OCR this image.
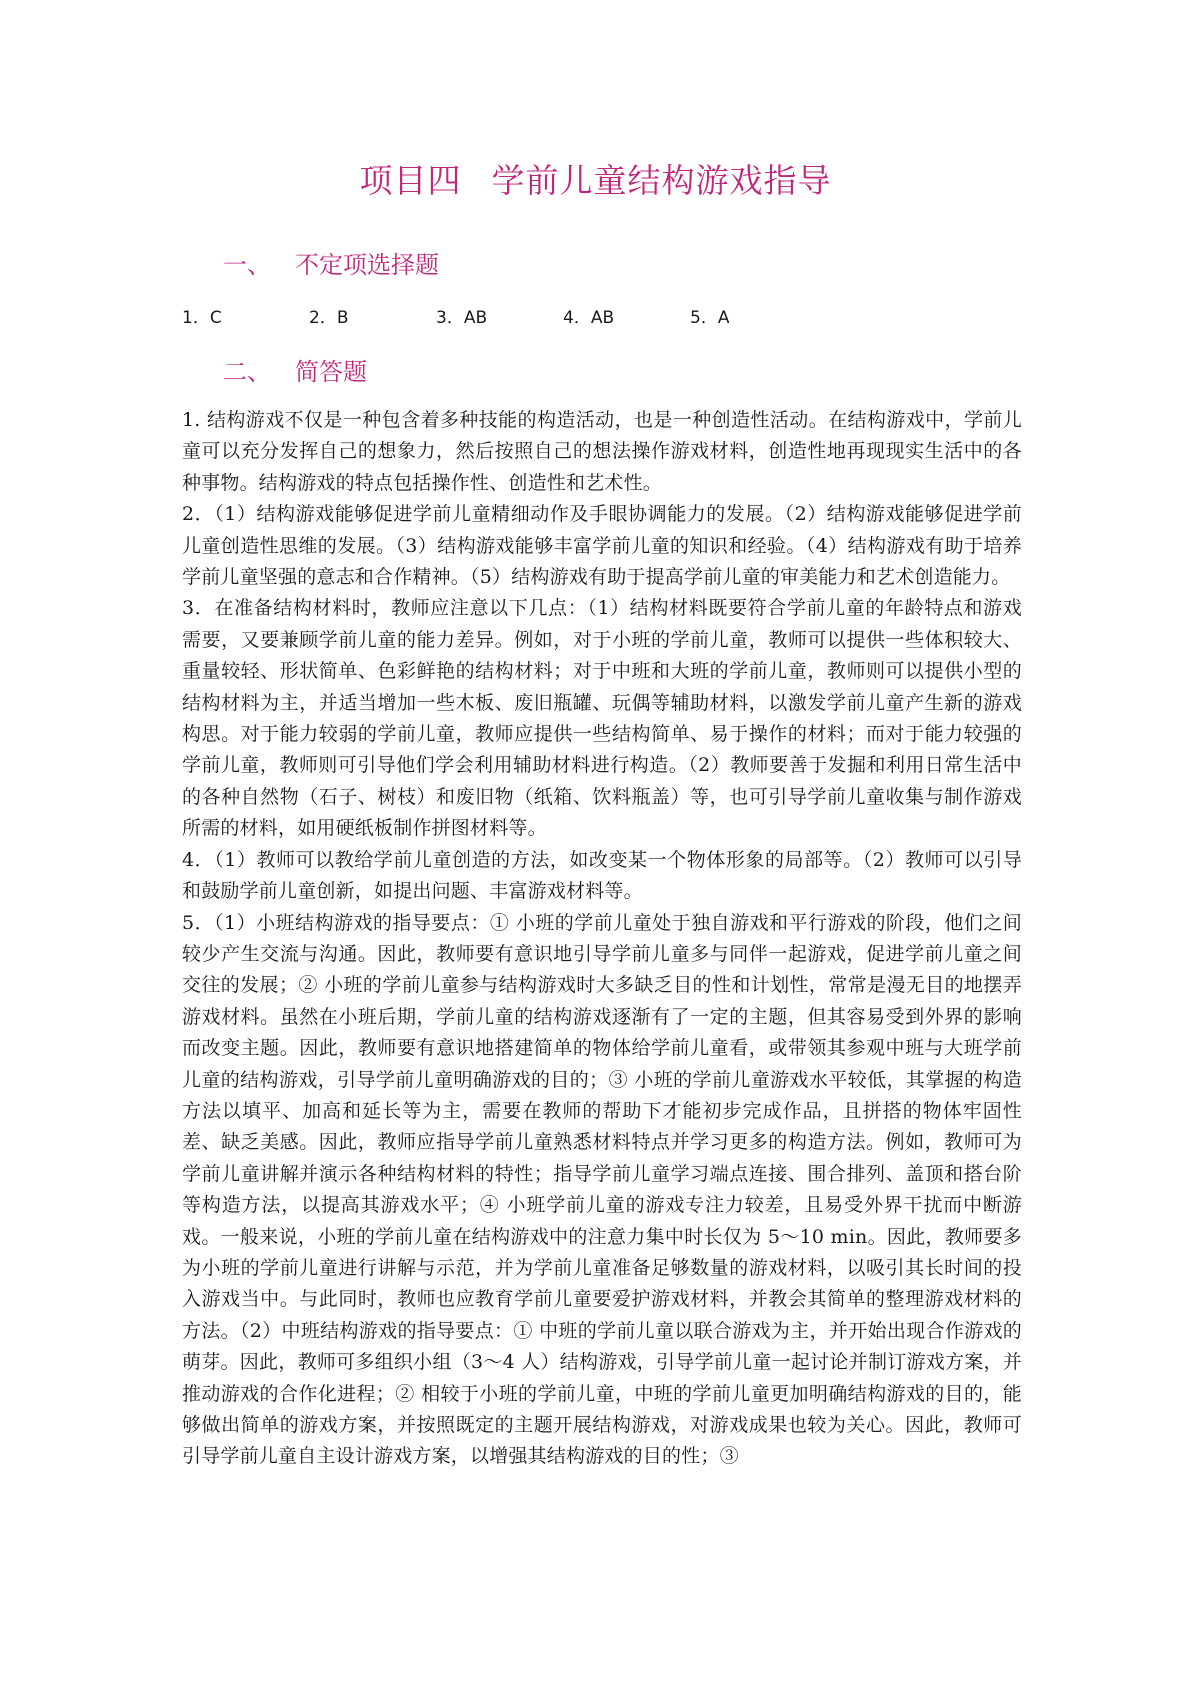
项目四 学前儿童结构游戏指导
一、 不定项选择题
1．C	2．B	3．AB	4．AB	5．A
二、 简答题

1. 结构游戏不仅是一种包含着多种技能的构造活动，也是一种创造性活动。在结构游戏中，学前儿童可以充分发挥自己的想象力，然后按照自己的想法操作游戏材料，创造性地再现现实生活中的各种事物。结构游戏的特点包括操作性、创造性和艺术性。

2．（1）结构游戏能够促进学前儿童精细动作及手眼协调能力的发展。（2）结构游戏能够促进学前儿童创造性思维的发展。（3）结构游戏能够丰富学前儿童的知识和经验。（4）结构游戏有助于培养学前儿童坚强的意志和合作精神。（5）结构游戏有助于提高学前儿童的审美能力和艺术创造能力。

3．在准备结构材料时，教师应注意以下几点：（1）结构材料既要符合学前儿童的年龄特点和游戏需要，又要兼顾学前儿童的能力差异。例如，对于小班的学前儿童，教师可以提供一些体积较大、重量较轻、形状简单、色彩鲜艳的结构材料；对于中班和大班的学前儿童，教师则可以提供小型的结构材料为主，并适当增加一些木板、废旧瓶罐、玩偶等辅助材料，以激发学前儿童产生新的游戏构思。对于能力较弱的学前儿童，教师应提供一些结构简单、易于操作的材料；而对于能力较强的学前儿童，教师则可引导他们学会利用辅助材料进行构造。（2）教师要善于发掘和利用日常生活中的各种自然物（石子、树枝）和废旧物（纸箱、饮料瓶盖）等，也可引导学前儿童收集与制作游戏所需的材料，如用硬纸板制作拼图材料等。

4．（1）教师可以教给学前儿童创造的方法，如改变某一个物体形象的局部等。（2）教师可以引导和鼓励学前儿童创新，如提出问题、丰富游戏材料等。

5．（1）小班结构游戏的指导要点：① 小班的学前儿童处于独自游戏和平行游戏的阶段，他们之间较少产生交流与沟通。因此，教师要有意识地引导学前儿童多与同伴一起游戏，促进学前儿童之间交往的发展；② 小班的学前儿童参与结构游戏时大多缺乏目的性和计划性，常常是漫无目的地摆弄游戏材料。虽然在小班后期，学前儿童的结构游戏逐渐有了一定的主题，但其容易受到外界的影响而改变主题。因此，教师要有意识地搭建简单的物体给学前儿童看，或带领其参观中班与大班学前儿童的结构游戏，引导学前儿童明确游戏的目的；③ 小班的学前儿童游戏水平较低，其掌握的构造方法以填平、加高和延长等为主，需要在教师的帮助下才能初步完成作品，且拼搭的物体牢固性差、缺乏美感。因此，教师应指导学前儿童熟悉材料特点并学习更多的构造方法。例如，教师可为学前儿童讲解并演示各种结构材料的特性；指导学前儿童学习端点连接、围合排列、盖顶和搭台阶等构造方法，以提高其游戏水平；④ 小班学前儿童的游戏专注力较差，且易受外界干扰而中断游戏。一般来说，小班的学前儿童在结构游戏中的注意力集中时长仅为 5～10 min。因此，教师要多为小班的学前儿童进行讲解与示范，并为学前儿童准备足够数量的游戏材料，以吸引其长时间的投入游戏当中。与此同时，教师也应教育学前儿童要爱护游戏材料，并教会其简单的整理游戏材料的方法。（2）中班结构游戏的指导要点：① 中班的学前儿童以联合游戏为主，并开始出现合作游戏的萌芽。因此，教师可多组织小组（3～4 人）结构游戏，引导学前儿童一起讨论并制订游戏方案，并推动游戏的合作化进程；② 相较于小班的学前儿童，中班的学前儿童更加明确结构游戏的目的，能够做出简单的游戏方案，并按照既定的主题开展结构游戏，对游戏成果也较为关心。因此，教师可引导学前儿童自主设计游戏方案，以增强其结构游戏的目的性；③
